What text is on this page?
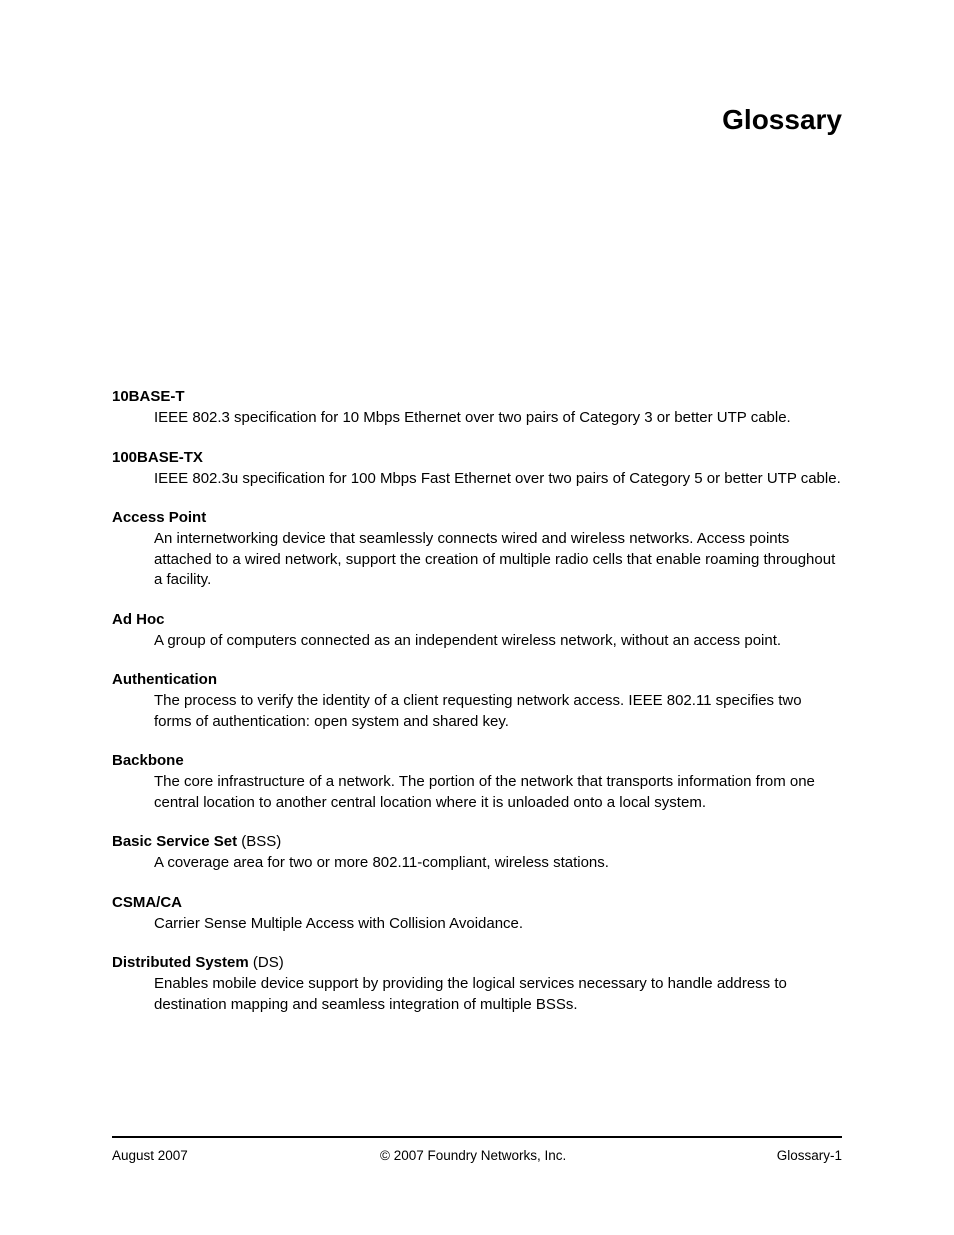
Glossary
10BASE-T

IEEE 802.3 specification for 10 Mbps Ethernet over two pairs of Category 3 or better UTP cable.

100BASE-TX

IEEE 802.3u specification for 100 Mbps Fast Ethernet over two pairs of Category 5 or better UTP cable.

Access Point

An internetworking device that seamlessly connects wired and wireless networks. Access points attached to a wired network, support the creation of multiple radio cells that enable roaming throughout a facility.

Ad Hoc

A group of computers connected as an independent wireless network, without an access point.

Authentication

The process to verify the identity of a client requesting network access. IEEE 802.11 specifies two forms of authentication: open system and shared key.

Backbone

The core infrastructure of a network. The portion of the network that transports information from one central location to another central location where it is unloaded onto a local system.

Basic Service Set (BSS)

A coverage area for two or more 802.11-compliant, wireless stations.

CSMA/CA

Carrier Sense Multiple Access with Collision Avoidance.

Distributed System (DS)

Enables mobile device support by providing the logical services necessary to handle address to destination mapping and seamless integration of multiple BSSs.

August 2007	© 2007 Foundry Networks, Inc.	Glossary-1
